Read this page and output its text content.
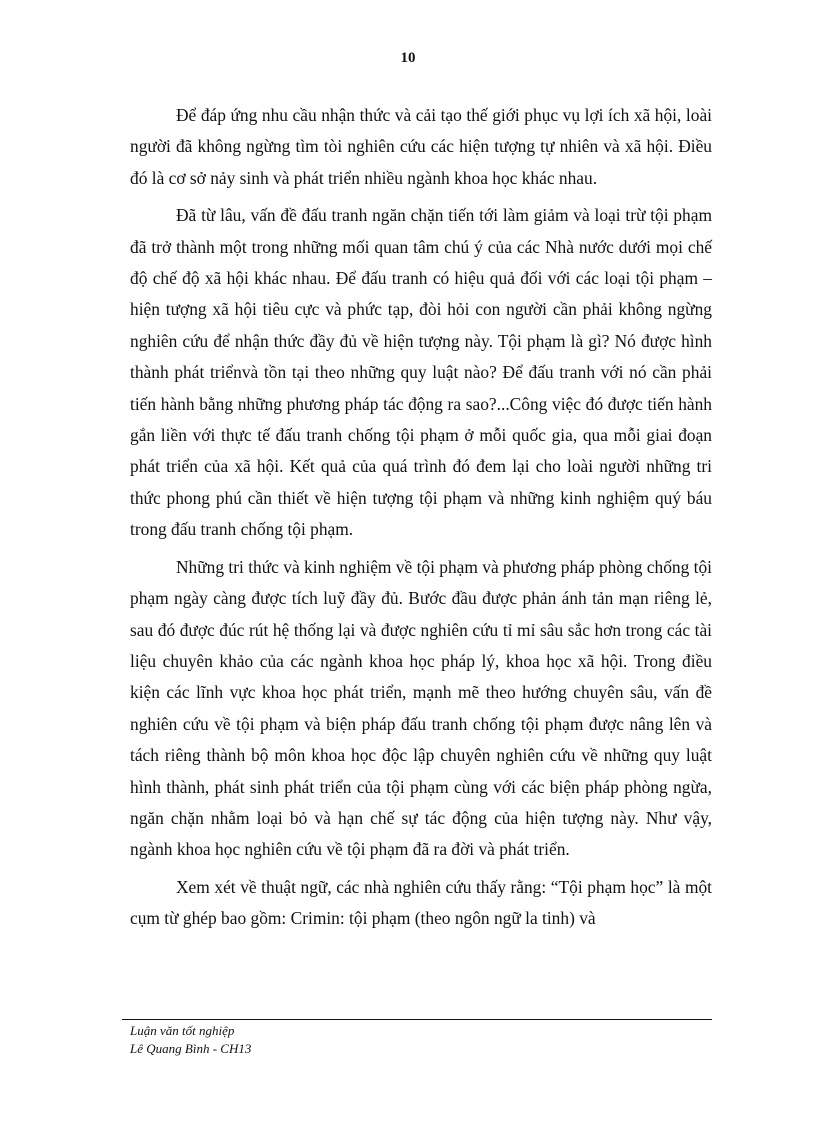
10

Để đáp ứng nhu cầu nhận thức và cải tạo thế giới phục vụ lợi ích xã hội, loài người đã không ngừng tìm tòi nghiên cứu các hiện tượng tự nhiên và xã hội. Điều đó là cơ sở nảy sinh và phát triển nhiều ngành khoa học khác nhau.

Đã từ lâu, vấn đề đấu tranh ngăn chặn tiến tới làm giảm và loại trừ tội phạm đã trở thành một trong những mối quan tâm chú ý của các Nhà nước dưới mọi chế độ chế độ xã hội khác nhau. Để đấu tranh có hiệu quả đối với các loại tội phạm – hiện tượng xã hội tiêu cực và phức tạp, đòi hỏi con người cần phải không ngừng nghiên cứu để nhận thức đầy đủ về hiện tượng này. Tội phạm là gì? Nó được hình thành phát triểnvà tồn tại theo những quy luật nào? Để đấu tranh với nó cần phải tiến hành bằng những phương pháp tác động ra sao?...Công việc đó được tiến hành gắn liền với thực tế đấu tranh chống tội phạm ở mỗi quốc gia, qua mỗi giai đoạn phát triển của xã hội. Kết quả của quá trình đó đem lại cho loài người những tri thức phong phú cần thiết về hiện tượng tội phạm và những kinh nghiệm quý báu trong đấu tranh chống tội phạm.

Những tri thức và kinh nghiệm về tội phạm và phương pháp phòng chống tội phạm ngày càng được tích luỹ đầy đủ. Bước đầu được phản ánh tản mạn riêng lẻ, sau đó được đúc rút hệ thống lại và được nghiên cứu tỉ mỉ sâu sắc hơn trong các tài liệu chuyên khảo của các ngành khoa học pháp lý, khoa học xã hội. Trong điều kiện các lĩnh vực khoa học phát triển, mạnh mẽ theo hướng chuyên sâu, vấn đề nghiên cứu về tội phạm và biện pháp đấu tranh chống tội phạm được nâng lên và tách riêng thành bộ môn khoa học độc lập chuyên nghiên cứu về những quy luật hình thành, phát sinh phát triển của tội phạm cùng với các biện pháp phòng ngừa, ngăn chặn nhằm loại bỏ và hạn chế sự tác động của hiện tượng này. Như vậy, ngành khoa học nghiên cứu về tội phạm đã ra đời và phát triển.

Xem xét về thuật ngữ, các nhà nghiên cứu thấy rằng: “Tội phạm học” là một cụm từ ghép bao gồm: Crimin: tội phạm (theo ngôn ngữ la tinh) và

Luận văn tốt nghiệp
Lê Quang Bình - CH13
